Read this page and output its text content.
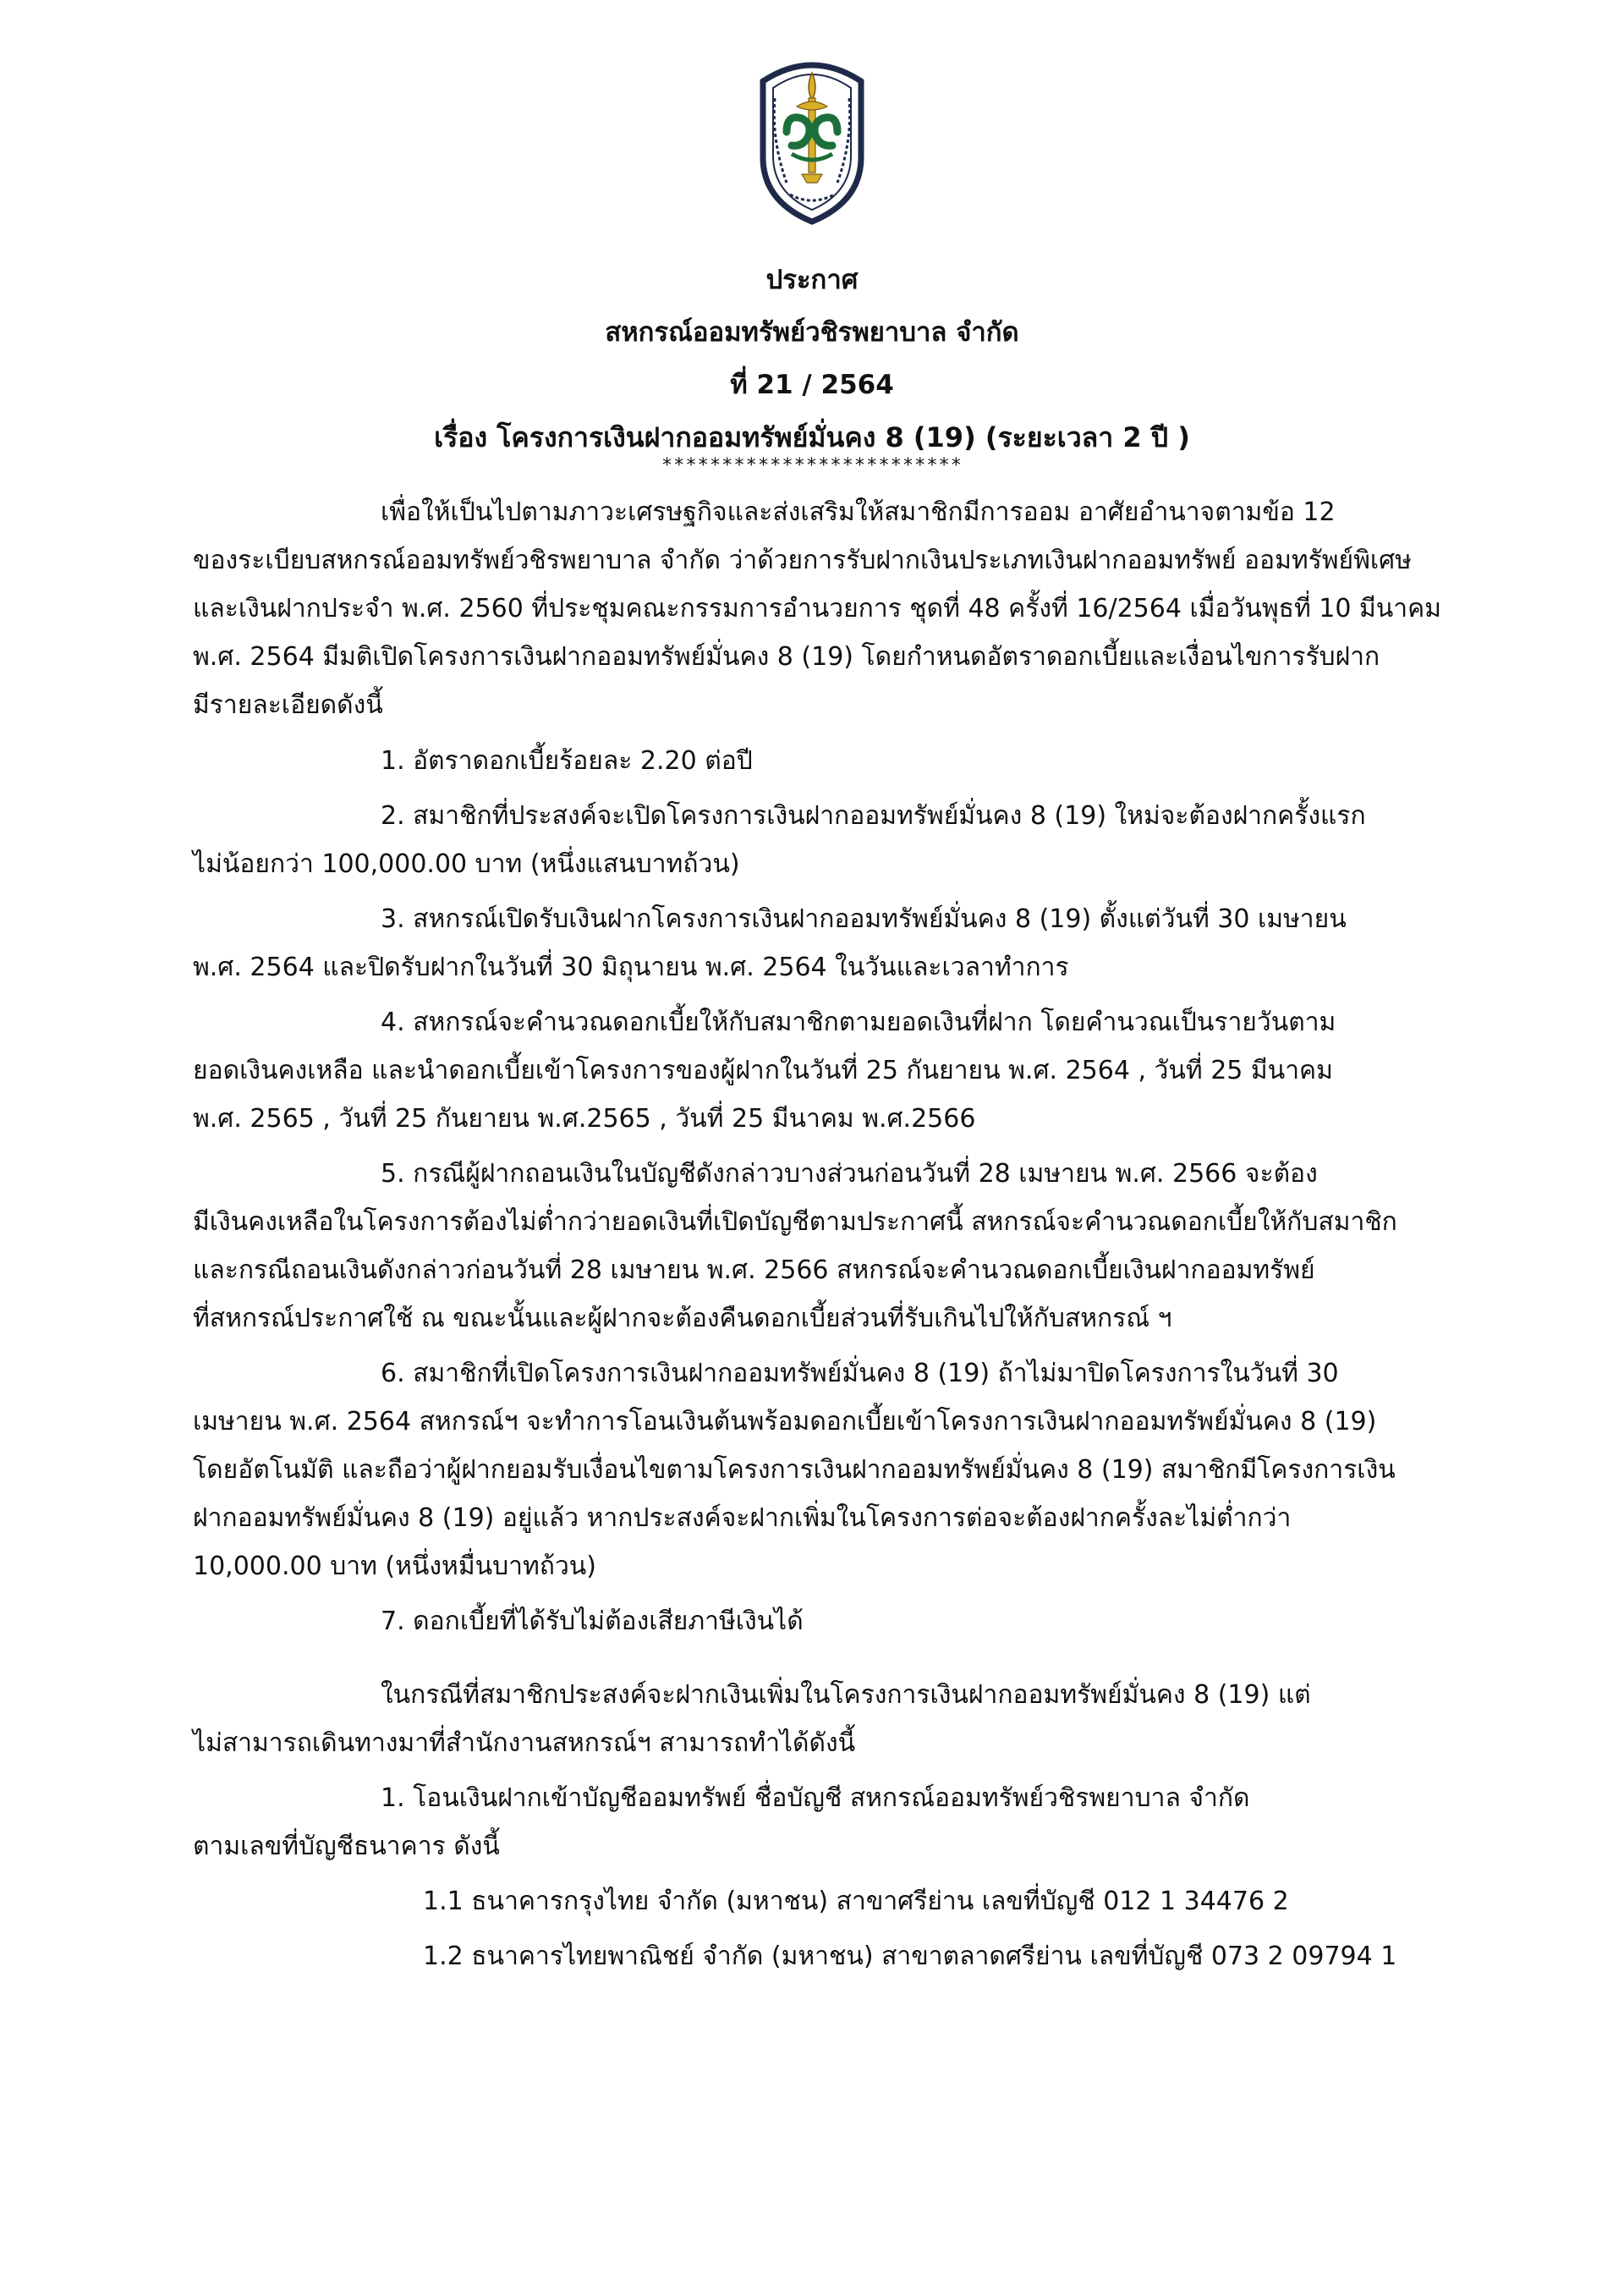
ประกาศ
สหกรณ์ออมทรัพย์วชิรพยาบาล จำกัด
ที่ 21 / 2564
เรื่อง โครงการเงินฝากออมทรัพย์มั่นคง 8 (19) (ระยะเวลา 2 ปี )
*************************
เพื่อให้เป็นไปตามภาวะเศรษฐกิจและส่งเสริมให้สมาชิกมีการออม อาศัยอำนาจตามข้อ 12
ของระเบียบสหกรณ์ออมทรัพย์วชิรพยาบาล จำกัด ว่าด้วยการรับฝากเงินประเภทเงินฝากออมทรัพย์ ออมทรัพย์พิเศษ
และเงินฝากประจำ พ.ศ. 2560 ที่ประชุมคณะกรรมการอำนวยการ ชุดที่ 48 ครั้งที่ 16/2564 เมื่อวันพุธที่ 10 มีนาคม
พ.ศ. 2564 มีมติเปิดโครงการเงินฝากออมทรัพย์มั่นคง 8 (19) โดยกำหนดอัตราดอกเบี้ยและเงื่อนไขการรับฝาก
มีรายละเอียดดังนี้
1. อัตราดอกเบี้ยร้อยละ 2.20 ต่อปี
2. สมาชิกที่ประสงค์จะเปิดโครงการเงินฝากออมทรัพย์มั่นคง 8 (19) ใหม่จะต้องฝากครั้งแรก
ไม่น้อยกว่า 100,000.00 บาท (หนึ่งแสนบาทถ้วน)
3. สหกรณ์เปิดรับเงินฝากโครงการเงินฝากออมทรัพย์มั่นคง 8 (19) ตั้งแต่วันที่ 30 เมษายน
พ.ศ. 2564 และปิดรับฝากในวันที่ 30 มิถุนายน พ.ศ. 2564 ในวันและเวลาทำการ
4. สหกรณ์จะคำนวณดอกเบี้ยให้กับสมาชิกตามยอดเงินที่ฝาก โดยคำนวณเป็นรายวันตาม
ยอดเงินคงเหลือ และนำดอกเบี้ยเข้าโครงการของผู้ฝากในวันที่ 25 กันยายน พ.ศ. 2564 , วันที่ 25 มีนาคม
พ.ศ. 2565 , วันที่ 25 กันยายน พ.ศ.2565 , วันที่ 25 มีนาคม พ.ศ.2566
5. กรณีผู้ฝากถอนเงินในบัญชีดังกล่าวบางส่วนก่อนวันที่ 28 เมษายน พ.ศ. 2566 จะต้อง
มีเงินคงเหลือในโครงการต้องไม่ต่ำกว่ายอดเงินที่เปิดบัญชีตามประกาศนี้ สหกรณ์จะคำนวณดอกเบี้ยให้กับสมาชิก
และกรณีถอนเงินดังกล่าวก่อนวันที่ 28 เมษายน พ.ศ. 2566 สหกรณ์จะคำนวณดอกเบี้ยเงินฝากออมทรัพย์
ที่สหกรณ์ประกาศใช้ ณ ขณะนั้นและผู้ฝากจะต้องคืนดอกเบี้ยส่วนที่รับเกินไปให้กับสหกรณ์ ฯ
6. สมาชิกที่เปิดโครงการเงินฝากออมทรัพย์มั่นคง 8 (19) ถ้าไม่มาปิดโครงการในวันที่ 30
เมษายน พ.ศ. 2564 สหกรณ์ฯ จะทำการโอนเงินต้นพร้อมดอกเบี้ยเข้าโครงการเงินฝากออมทรัพย์มั่นคง 8 (19)
โดยอัตโนมัติ และถือว่าผู้ฝากยอมรับเงื่อนไขตามโครงการเงินฝากออมทรัพย์มั่นคง 8 (19) สมาชิกมีโครงการเงิน
ฝากออมทรัพย์มั่นคง 8 (19) อยู่แล้ว หากประสงค์จะฝากเพิ่มในโครงการต่อจะต้องฝากครั้งละไม่ต่ำกว่า
10,000.00 บาท (หนึ่งหมื่นบาทถ้วน)
7. ดอกเบี้ยที่ได้รับไม่ต้องเสียภาษีเงินได้
ในกรณีที่สมาชิกประสงค์จะฝากเงินเพิ่มในโครงการเงินฝากออมทรัพย์มั่นคง 8 (19) แต่
ไม่สามารถเดินทางมาที่สำนักงานสหกรณ์ฯ สามารถทำได้ดังนี้
1. โอนเงินฝากเข้าบัญชีออมทรัพย์ ชื่อบัญชี สหกรณ์ออมทรัพย์วชิรพยาบาล จำกัด
ตามเลขที่บัญชีธนาคาร ดังนี้
1.1 ธนาคารกรุงไทย จำกัด (มหาชน) สาขาศรีย่าน เลขที่บัญชี 012 1 34476 2
1.2 ธนาคารไทยพาณิชย์ จำกัด (มหาชน) สาขาตลาดศรีย่าน เลขที่บัญชี 073 2 09794 1
